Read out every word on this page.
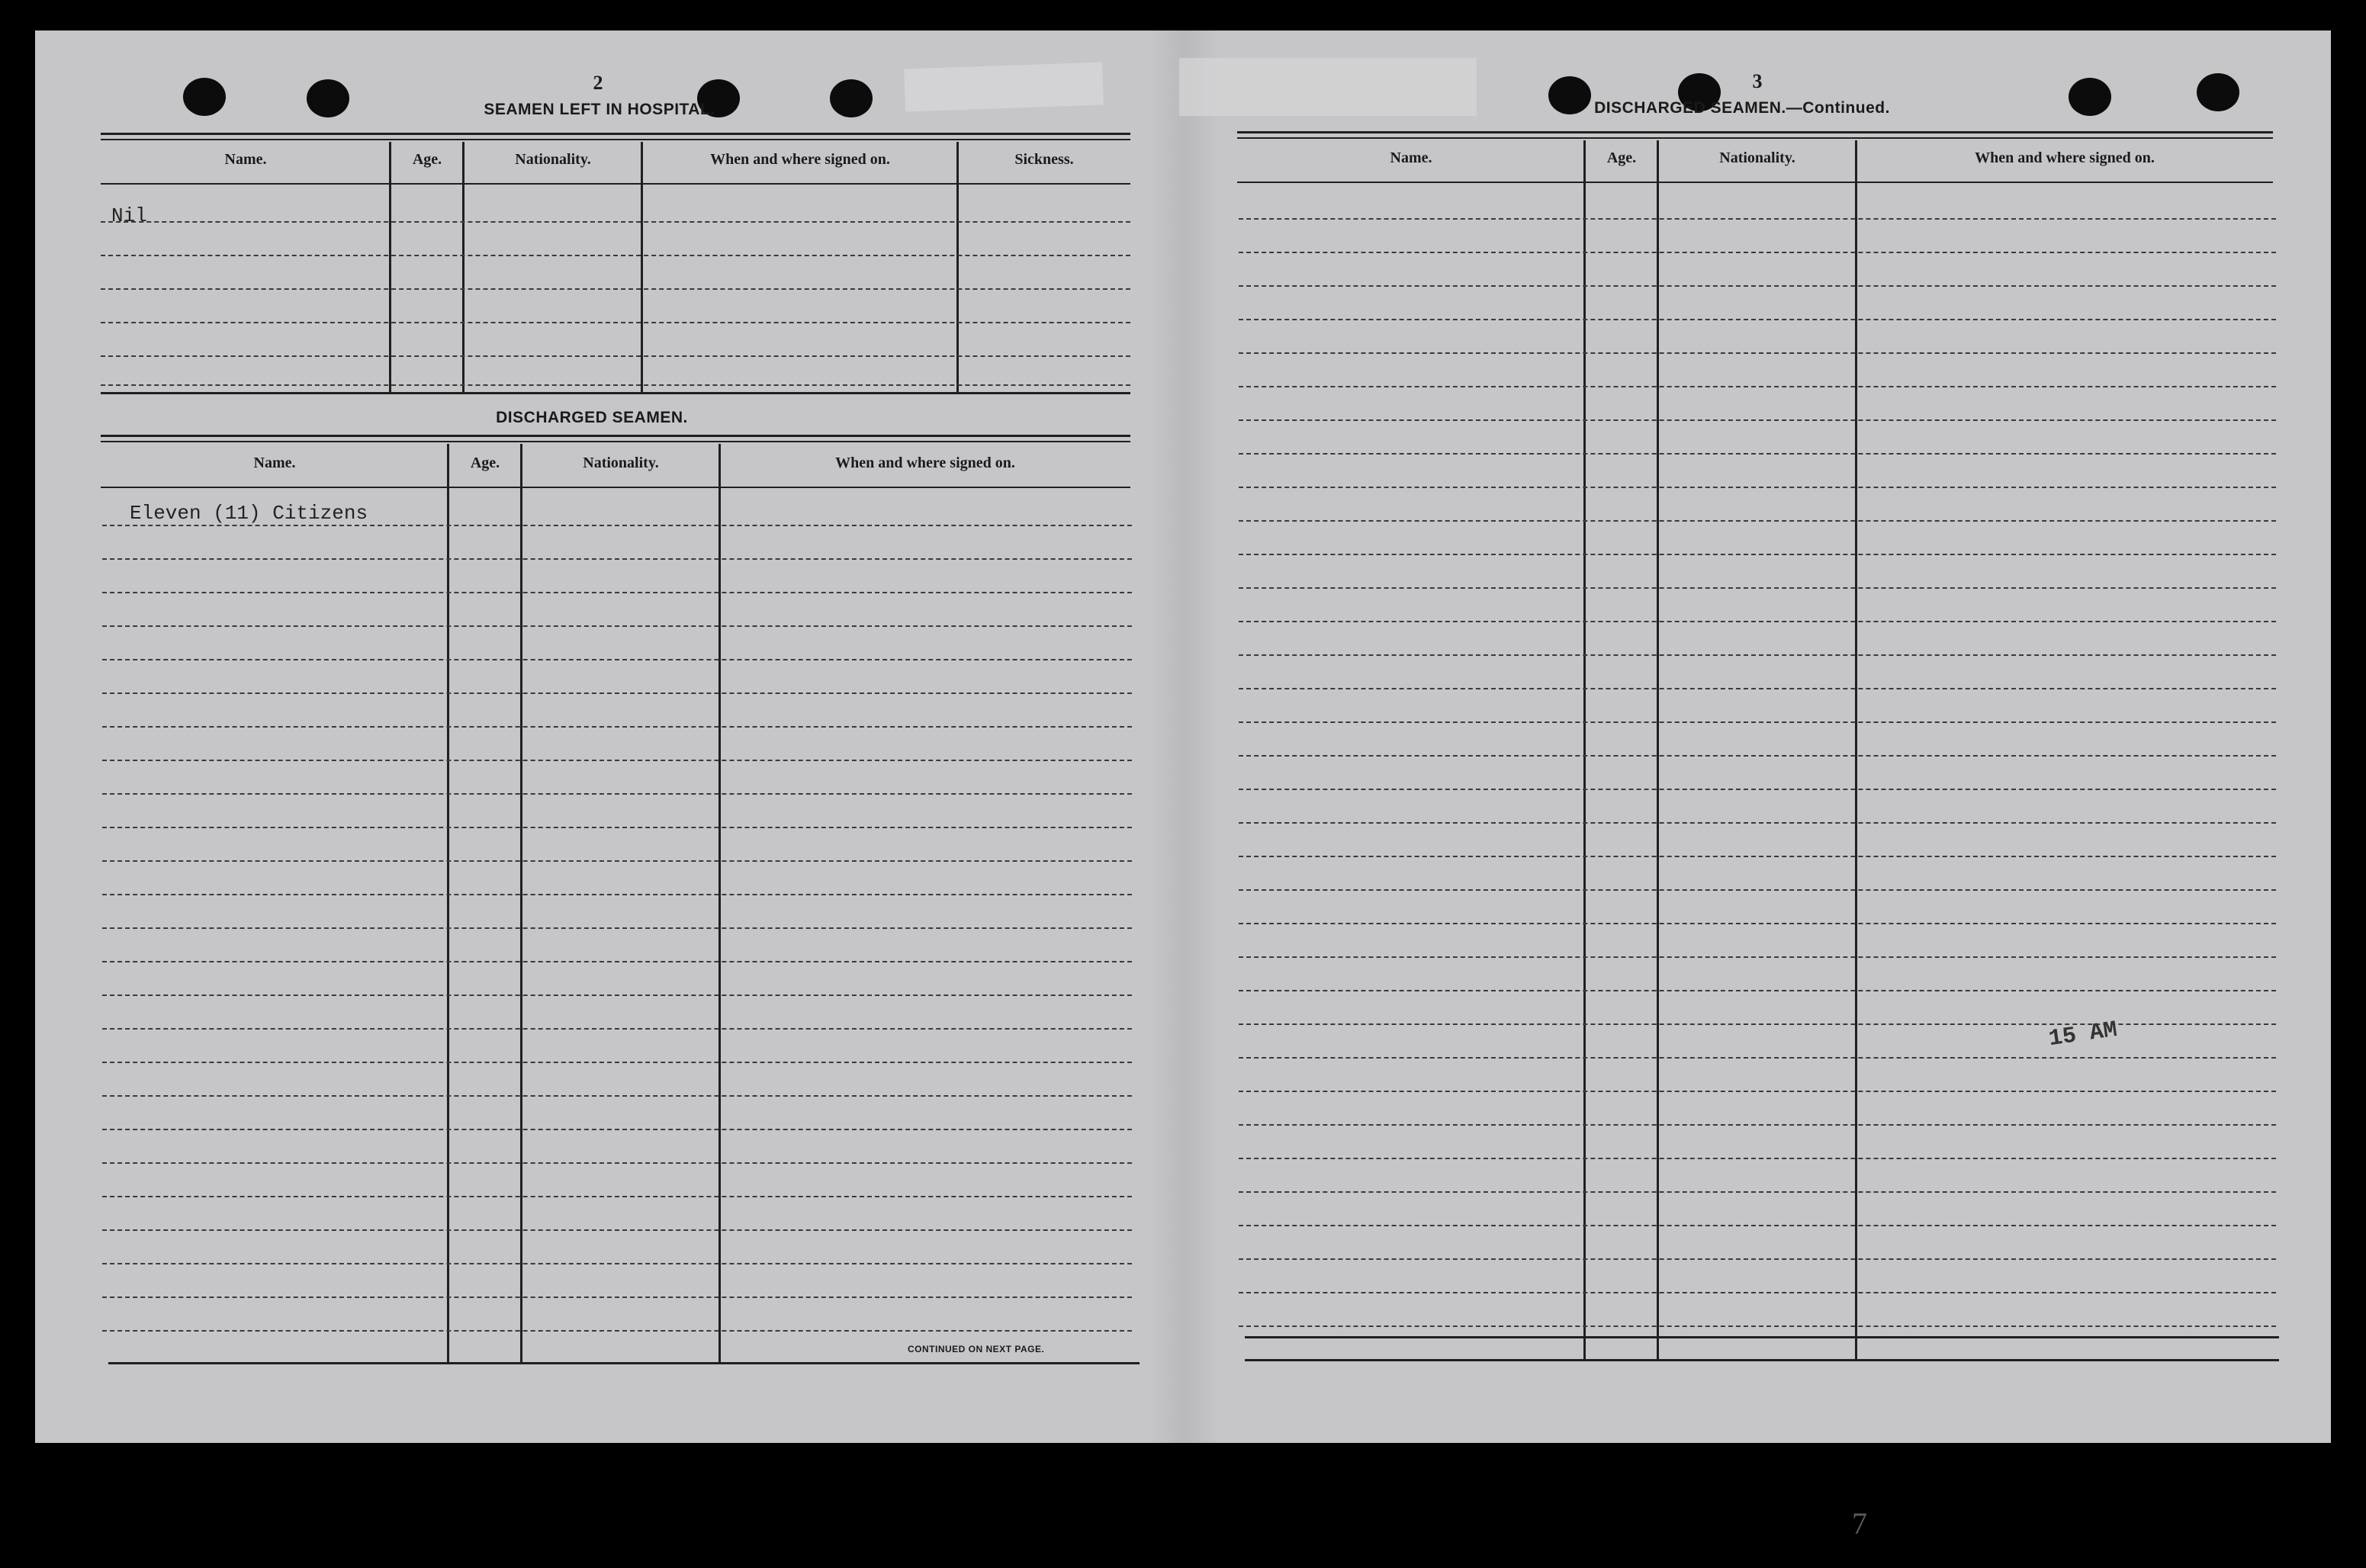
2
SEAMEN LEFT IN HOSPITAL.
Name.	Age.	Nationality.	When and where signed on.	Sickness.
Nil
DISCHARGED SEAMEN.
Name.	Age.	Nationality.	When and where signed on.
Eleven (11) Citizens
CONTINUED ON NEXT PAGE.
3
DISCHARGED SEAMEN.—Continued.
Name.	Age.	Nationality.	When and where signed on.
15 AM
7
